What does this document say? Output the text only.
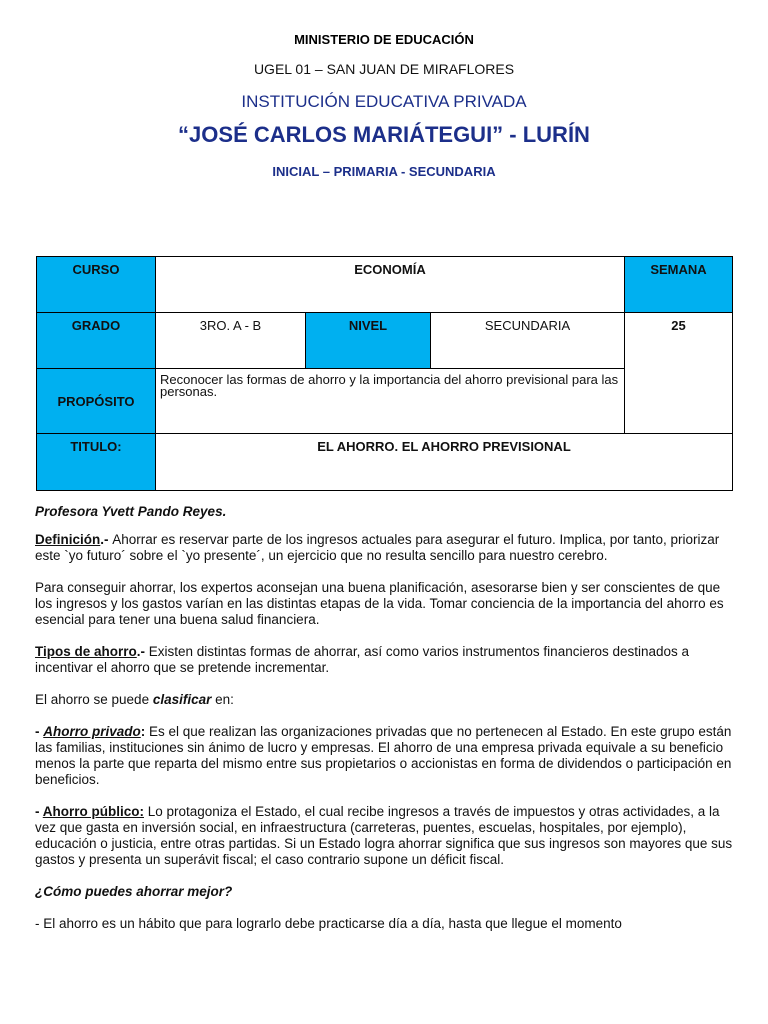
MINISTERIO DE EDUCACIÓN
UGEL 01 – SAN JUAN DE MIRAFLORES
INSTITUCIÓN EDUCATIVA PRIVADA
“JOSÉ CARLOS MARIÁTEGUI” - LURÍN
INICIAL – PRIMARIA - SECUNDARIA
CURSO	ECONOMÍA			SEMANA
GRADO	3RO. A - B	NIVEL	SECUNDARIA	25
PROPÓSITO	Reconocer las formas de ahorro y la importancia del ahorro previsional para las personas.			
TITULO:	EL AHORRO. EL AHORRO PREVISIONAL			

Profesora Yvett Pando Reyes.

Definición.- Ahorrar es reservar parte de los ingresos actuales para asegurar el futuro. Implica, por tanto, priorizar este `yo futuro´ sobre el `yo presente´, un ejercicio que no resulta sencillo para nuestro cerebro.

Para conseguir ahorrar, los expertos aconsejan una buena planificación, asesorarse bien y ser conscientes de que los ingresos y los gastos varían en las distintas etapas de la vida. Tomar conciencia de la importancia del ahorro es esencial para tener una buena salud financiera.

Tipos de ahorro.- Existen distintas formas de ahorrar, así como varios instrumentos financieros destinados a incentivar el ahorro que se pretende incrementar.

El ahorro se puede clasificar en:

- Ahorro privado: Es el que realizan las organizaciones privadas que no pertenecen al Estado. En este grupo están las familias, instituciones sin ánimo de lucro y empresas. El ahorro de una empresa privada equivale a su beneficio menos la parte que reparta del mismo entre sus propietarios o accionistas en forma de dividendos o participación en beneficios.

- Ahorro público: Lo protagoniza el Estado, el cual recibe ingresos a través de impuestos y otras actividades, a la vez que gasta en inversión social, en infraestructura (carreteras, puentes, escuelas, hospitales, por ejemplo), educación o justicia, entre otras partidas. Si un Estado logra ahorrar significa que sus ingresos son mayores que sus gastos y presenta un superávit fiscal; el caso contrario supone un déficit fiscal.

¿Cómo puedes ahorrar mejor?

- El ahorro es un hábito que para lograrlo debe practicarse día a día, hasta que llegue el momento
